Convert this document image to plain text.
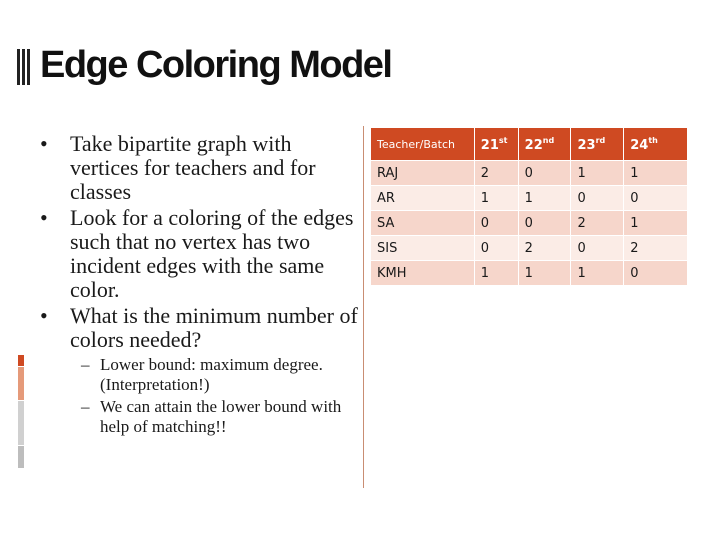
Edge Coloring Model
• Take bipartite graph with vertices for teachers and for classes
• Look for a coloring of the edges such that no vertex has two incident edges with the same color.
• What is the minimum number of colors needed?
– Lower bound: maximum degree. (Interpretation!)
– We can attain the lower bound with help of matching!!
Teacher/Batch	21st	22nd	23rd	24th
RAJ	2	0	1	1
AR	1	1	0	0
SA	0	0	2	1
SIS	0	2	0	2
KMH	1	1	1	0
